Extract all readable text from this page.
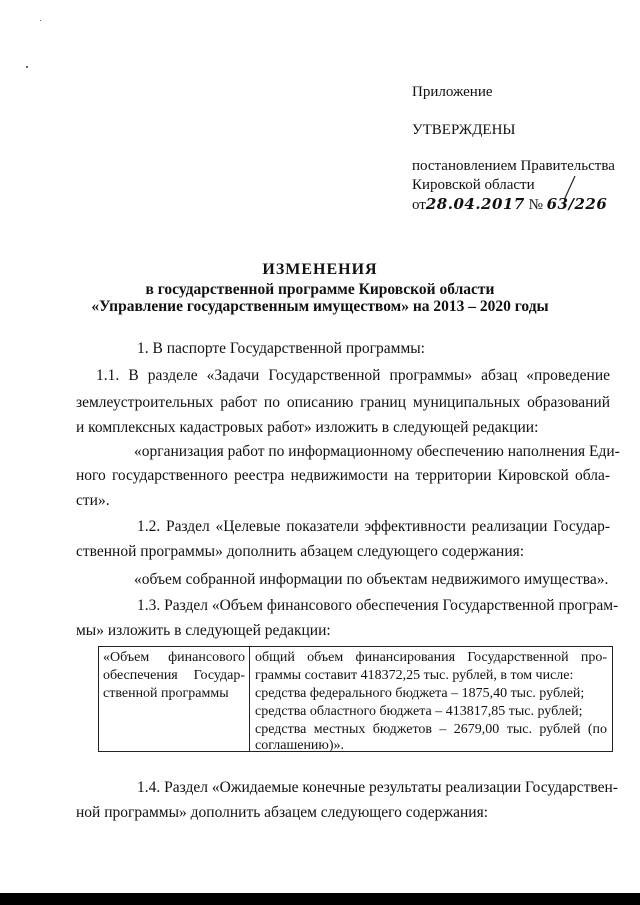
Приложение
УТВЕРЖДЕНЫ
постановлением Правительства
Кировской области
от28.04.2017 № 63/226
ИЗМЕНЕНИЯ
в государственной программе Кировской области
«Управление государственным имуществом» на 2013 – 2020 годы
1. В паспорте Государственной программы:
1.1. В разделе «Задачи Государственной программы» абзац «проведение
землеустроительных работ по описанию границ муниципальных образований
и комплексных кадастровых работ» изложить в следующей редакции:
«организация работ по информационному обеспечению наполнения Еди-
ного государственного реестра недвижимости на территории Кировской обла-
сти».
1.2. Раздел «Целевые показатели эффективности реализации Государ-
ственной программы» дополнить абзацем следующего содержания:
«объем собранной информации по объектам недвижимого имущества».
1.3. Раздел «Объем финансового обеспечения Государственной програм-
мы» изложить в следующей редакции:
«Объем финансового
обеспечения Государ-
ственной программы
общий объем финансирования Государственной про-
граммы составит 418372,25 тыс. рублей, в том числе:
средства федерального бюджета – 1875,40 тыс. рублей;
средства областного бюджета – 413817,85 тыс. рублей;
средства местных бюджетов – 2679,00 тыс. рублей (по
соглашению)».
1.4. Раздел «Ожидаемые конечные результаты реализации Государствен-
ной программы» дополнить абзацем следующего содержания:
